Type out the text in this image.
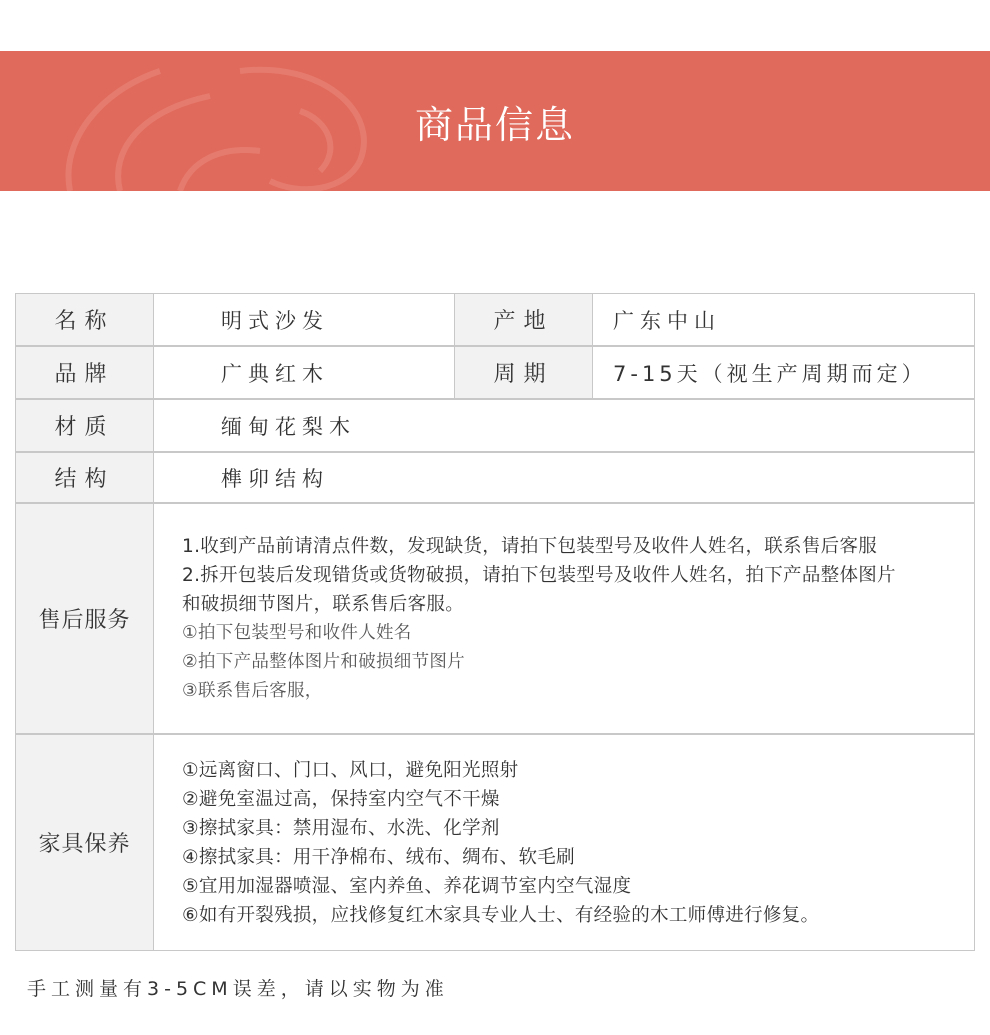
商品信息
名称	明式沙发	产地	广东中山
品牌	广典红木	周期	7-15天（视生产周期而定）
材质	缅甸花梨木
结构	榫卯结构
售后服务
1.收到产品前请清点件数，发现缺货，请拍下包装型号及收件人姓名，联系售后客服
2.拆开包装后发现错货或货物破损，请拍下包装型号及收件人姓名，拍下产品整体图片
和破损细节图片，联系售后客服。
①拍下包装型号和收件人姓名
②拍下产品整体图片和破损细节图片
③联系售后客服，
家具保养
①远离窗口、门口、风口，避免阳光照射
②避免室温过高，保持室内空气不干燥
③擦拭家具：禁用湿布、水洗、化学剂
④擦拭家具：用干净棉布、绒布、绸布、软毛刷
⑤宜用加湿器喷湿、室内养鱼、养花调节室内空气湿度
⑥如有开裂残损，应找修复红木家具专业人士、有经验的木工师傅进行修复。
手工测量有3-5CM误差，请以实物为准
